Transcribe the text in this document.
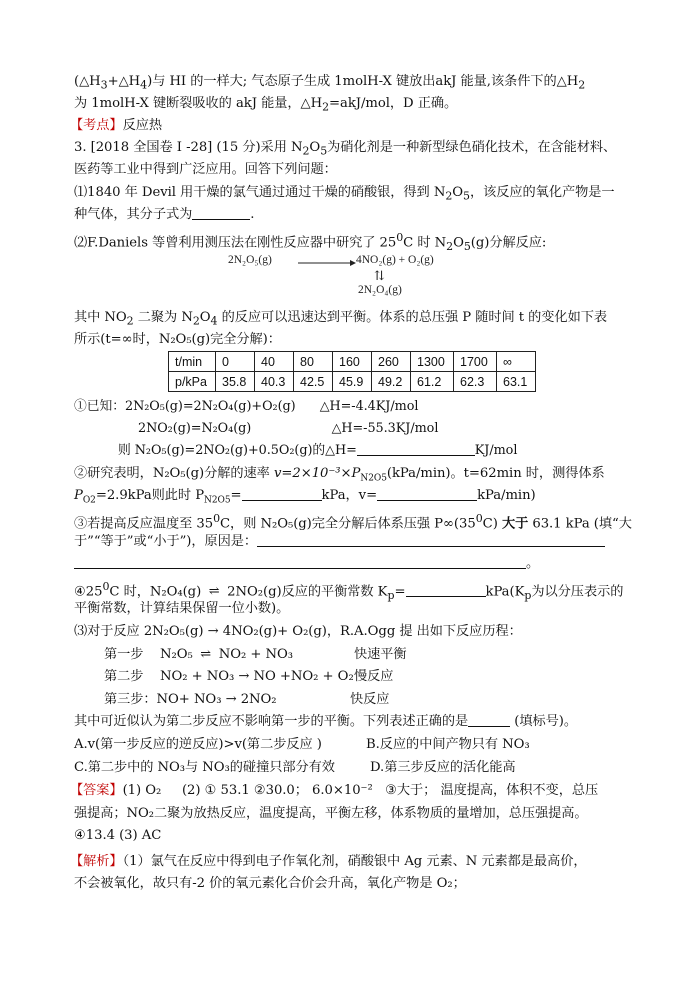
$(\triangle H_3+\triangle H_4)$与 HI 的一样大; 气态原子生成 1molH-X 键放出akJ 能量,该条件下的$\triangle H_2$
为 1molH-X 键断裂吸收的 akJ 能量，$\triangle H_2=akJ$/mol，D 正确。
【考点】反应热
3. [2018 全国卷 I -28] (15 分)采用 $N_2O_5$为硝化剂是一种新型绿色硝化技术，在含能材料、
医药等工业中得到广泛应用。回答下列问题：
⑴1840 年 Devil 用干燥的氯气通过通过干燥的硝酸银，得到 $N_2O_5$，该反应的氧化产物是一
种气体，其分子式为	.
⑵F.Daniels 等曾利用测压法在刚性反应器中研究了 $25^0C$ 时 $N_2O_5(g)$分解反应:
2N₂O₅(g)	4NO₂(g) + O₂(g)
⇅
2N₂O₄(g)
其中 $NO_2$ 二聚为 $N_2O_4$ 的反应可以迅速达到平衡。体系的总压强 P 随时间 t 的变化如下表
所示(t=∞时，N₂O₅(g)完全分解)：
t/min	0	40	80	160	260	1300	1700	∞
p/kPa	35.8	40.3	42.5	45.9	49.2	61.2	62.3	63.1
①已知：2N₂O₅(g)=2N₂O₄(g)+O₂(g)      △H=-4.4KJ/mol
2NO₂(g)=N₂O₄(g)                    △H=-55.3KJ/mol
则 N₂O₅(g)=2NO₂(g)+0.5O₂(g)的△H=	KJ/mol
②研究表明，N₂O₅(g)分解的速率 $v=2\times 10^{-3}\times P_{N2O5}(kPa/\min)$。t=62min 时，测得体系
$P_{O2}=2.9kPa$则此时 $P_{N2O5}=$	kPa，v=	kPa/min)
③若提高反应温度至 $35^0C$，则 N₂O₅(g)完全分解后体系压强 $P\infty(35^0C)$ 大于 63.1 kPa (填“大
于”“等于”或“小于”)，原因是：
。
$④25^0C$ 时，N₂O₄(g) ⇌ 2NO₂(g)反应的平衡常数 $K_p=$	$kPa(K_p$为以分压表示的
平衡常数，计算结果保留一位小数)。
⑶对于反应 2N₂O₅(g) → 4NO₂(g)+ O₂(g)，R.A.Ogg 提 出如下反应历程：
第一步    N₂O₅ ⇌ NO₂ + NO₃	快速平衡
第二步    NO₂ + NO₃ → NO +NO₂ + O₂ 慢反应
第三步：NO+ NO₃ → 2NO₂	快反应
其中可近似认为第二步反应不影响第一步的平衡。下列表述正确的是	(填标号)。
A.v(第一步反应的逆反应)>v(第二步反应 )	B.反应的中间产物只有 NO₃
C.第二步中的 NO₃与 NO₃的碰撞只部分有效	D.第三步反应的活化能高
【答案】(1) O₂     (2) ① 53.1 ②30.0； 6.0×10⁻²   ③大于； 温度提高，体积不变，总压
强提高；NO₂二聚为放热反应，温度提高，平衡左移，体系物质的量增加，总压强提高。
④13.4 (3) AC
【解析】（1）氯气在反应中得到电子作氧化剂，硝酸银中 Ag 元素、N 元素都是最高价，
不会被氧化，故只有-2 价的氧元素化合价会升高，氧化产物是 O₂；
